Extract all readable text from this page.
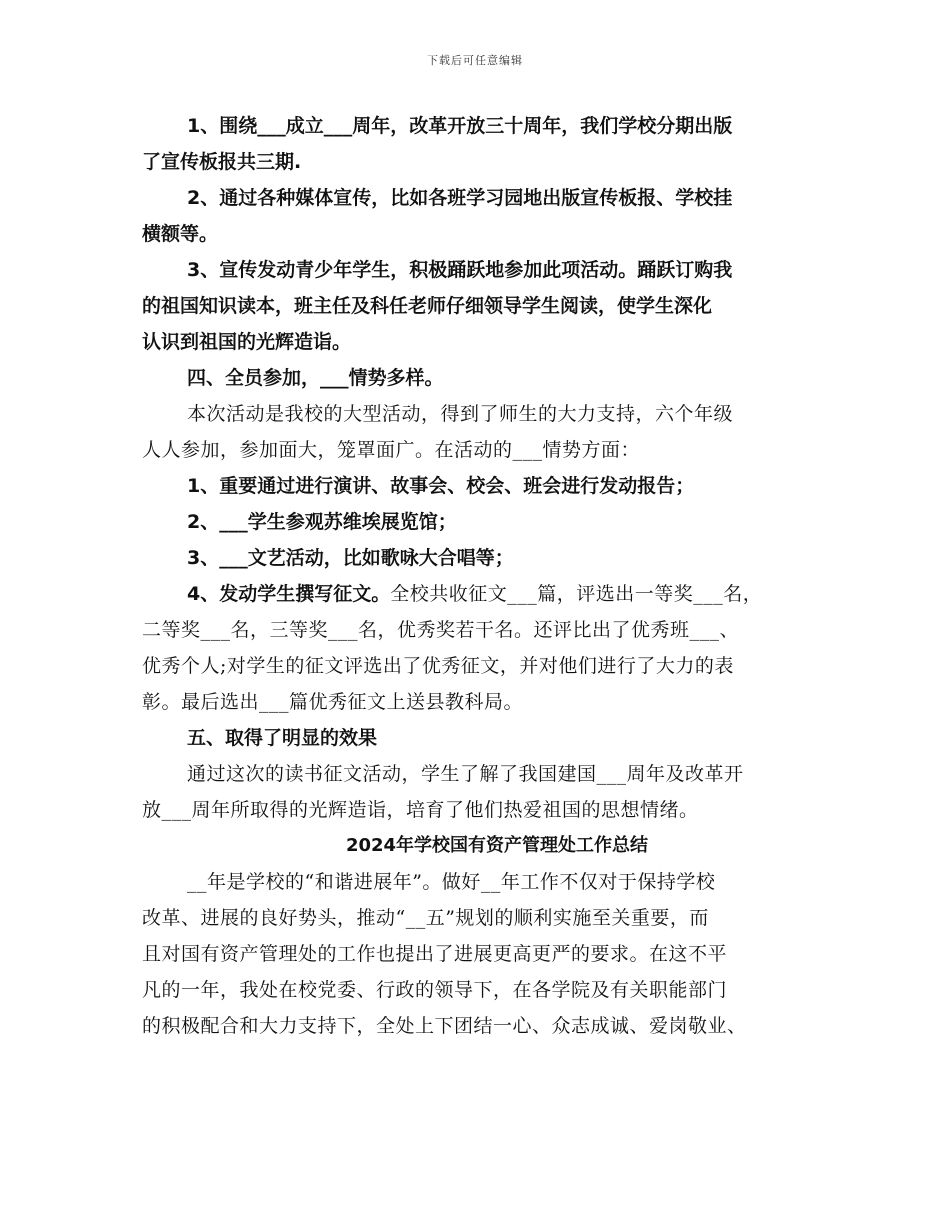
下载后可任意编辑
1、围绕___成立___周年，改革开放三十周年，我们学校分期出版
了宣传板报共三期.
2、通过各种媒体宣传，比如各班学习园地出版宣传板报、学校挂
横额等。
3、宣传发动青少年学生，积极踊跃地参加此项活动。踊跃订购我
的祖国知识读本，班主任及科任老师仔细领导学生阅读，使学生深化
认识到祖国的光辉造诣。
四、全员参加，___情势多样。
本次活动是我校的大型活动，得到了师生的大力支持，六个年级
人人参加，参加面大，笼罩面广。在活动的___情势方面：
1、重要通过进行演讲、故事会、校会、班会进行发动报告；
2、___学生参观苏维埃展览馆；
3、___文艺活动，比如歌咏大合唱等；
4、发动学生撰写征文。全校共收征文___篇，评选出一等奖___名，
二等奖___名，三等奖___名，优秀奖若干名。还评比出了优秀班___、
优秀个人;对学生的征文评选出了优秀征文，并对他们进行了大力的表
彰。最后选出___篇优秀征文上送县教科局。
五、取得了明显的效果
通过这次的读书征文活动，学生了解了我国建国___周年及改革开
放___周年所取得的光辉造诣，培育了他们热爱祖国的思想情绪。
2024年学校国有资产管理处工作总结
__年是学校的“和谐进展年”。做好__年工作不仅对于保持学校
改革、进展的良好势头，推动“__五”规划的顺利实施至关重要，而
且对国有资产管理处的工作也提出了进展更高更严的要求。在这不平
凡的一年，我处在校党委、行政的领导下，在各学院及有关职能部门
的积极配合和大力支持下，全处上下团结一心、众志成诚、爱岗敬业、
